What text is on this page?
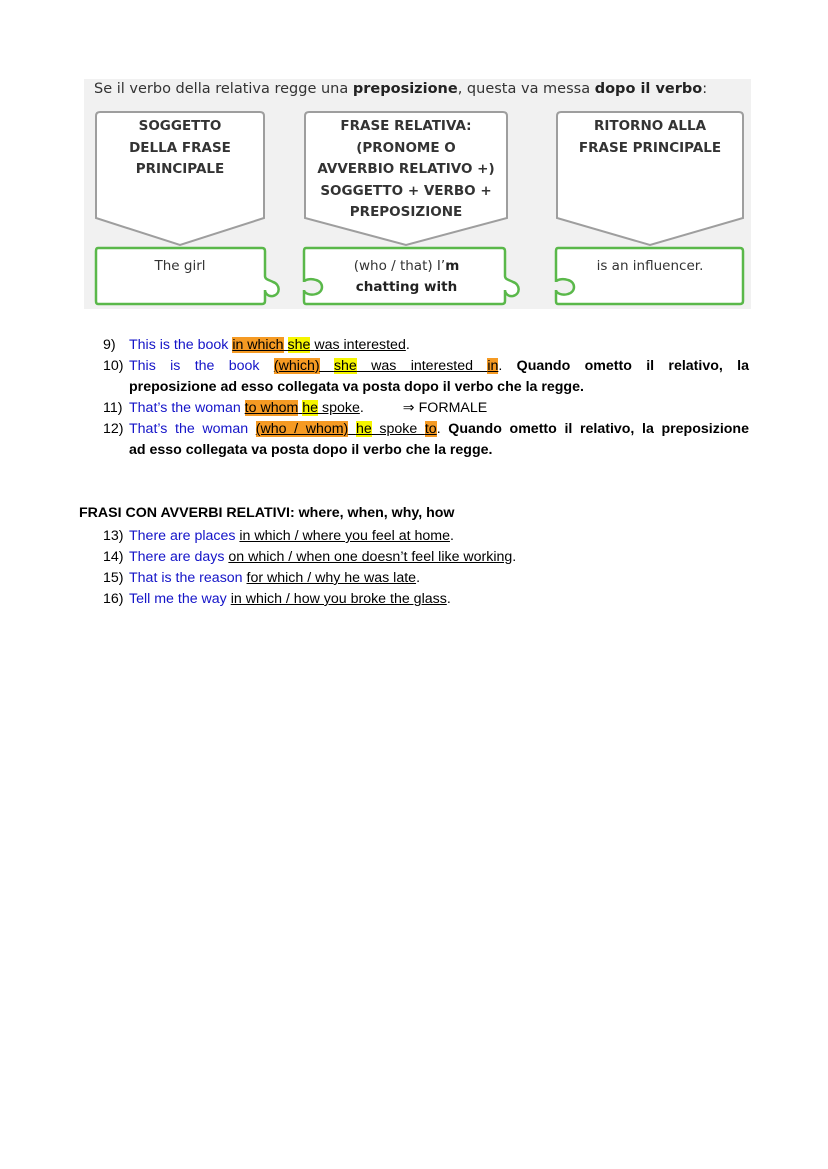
Se il verbo della relativa regge una preposizione, questa va messa dopo il verbo:
SOGGETTO
DELLA FRASE
PRINCIPALE
FRASE RELATIVA:
(PRONOME O
AVVERBIO RELATIVO +)
SOGGETTO + VERBO +
PREPOSIZIONE
RITORNO ALLA
FRASE PRINCIPALE
The girl	(who / that) I’m
chatting with
is an influencer.
9) This is the book in which she was interested.
10) This is the book (which) she was interested in. Quando ometto il relativo, la
preposizione ad esso collegata va posta dopo il verbo che la regge.
11) That’s the woman to whom he spoke.	⇒ FORMALE
12) That’s the woman (who / whom) he spoke to. Quando ometto il relativo, la preposizione
ad esso collegata va posta dopo il verbo che la regge.
FRASI CON AVVERBI RELATIVI: where, when, why, how
13) There are places in which / where you feel at home.
14) There are days on which / when one doesn’t feel like working.
15) That is the reason for which / why he was late.
16) Tell me the way in which / how you broke the glass.
